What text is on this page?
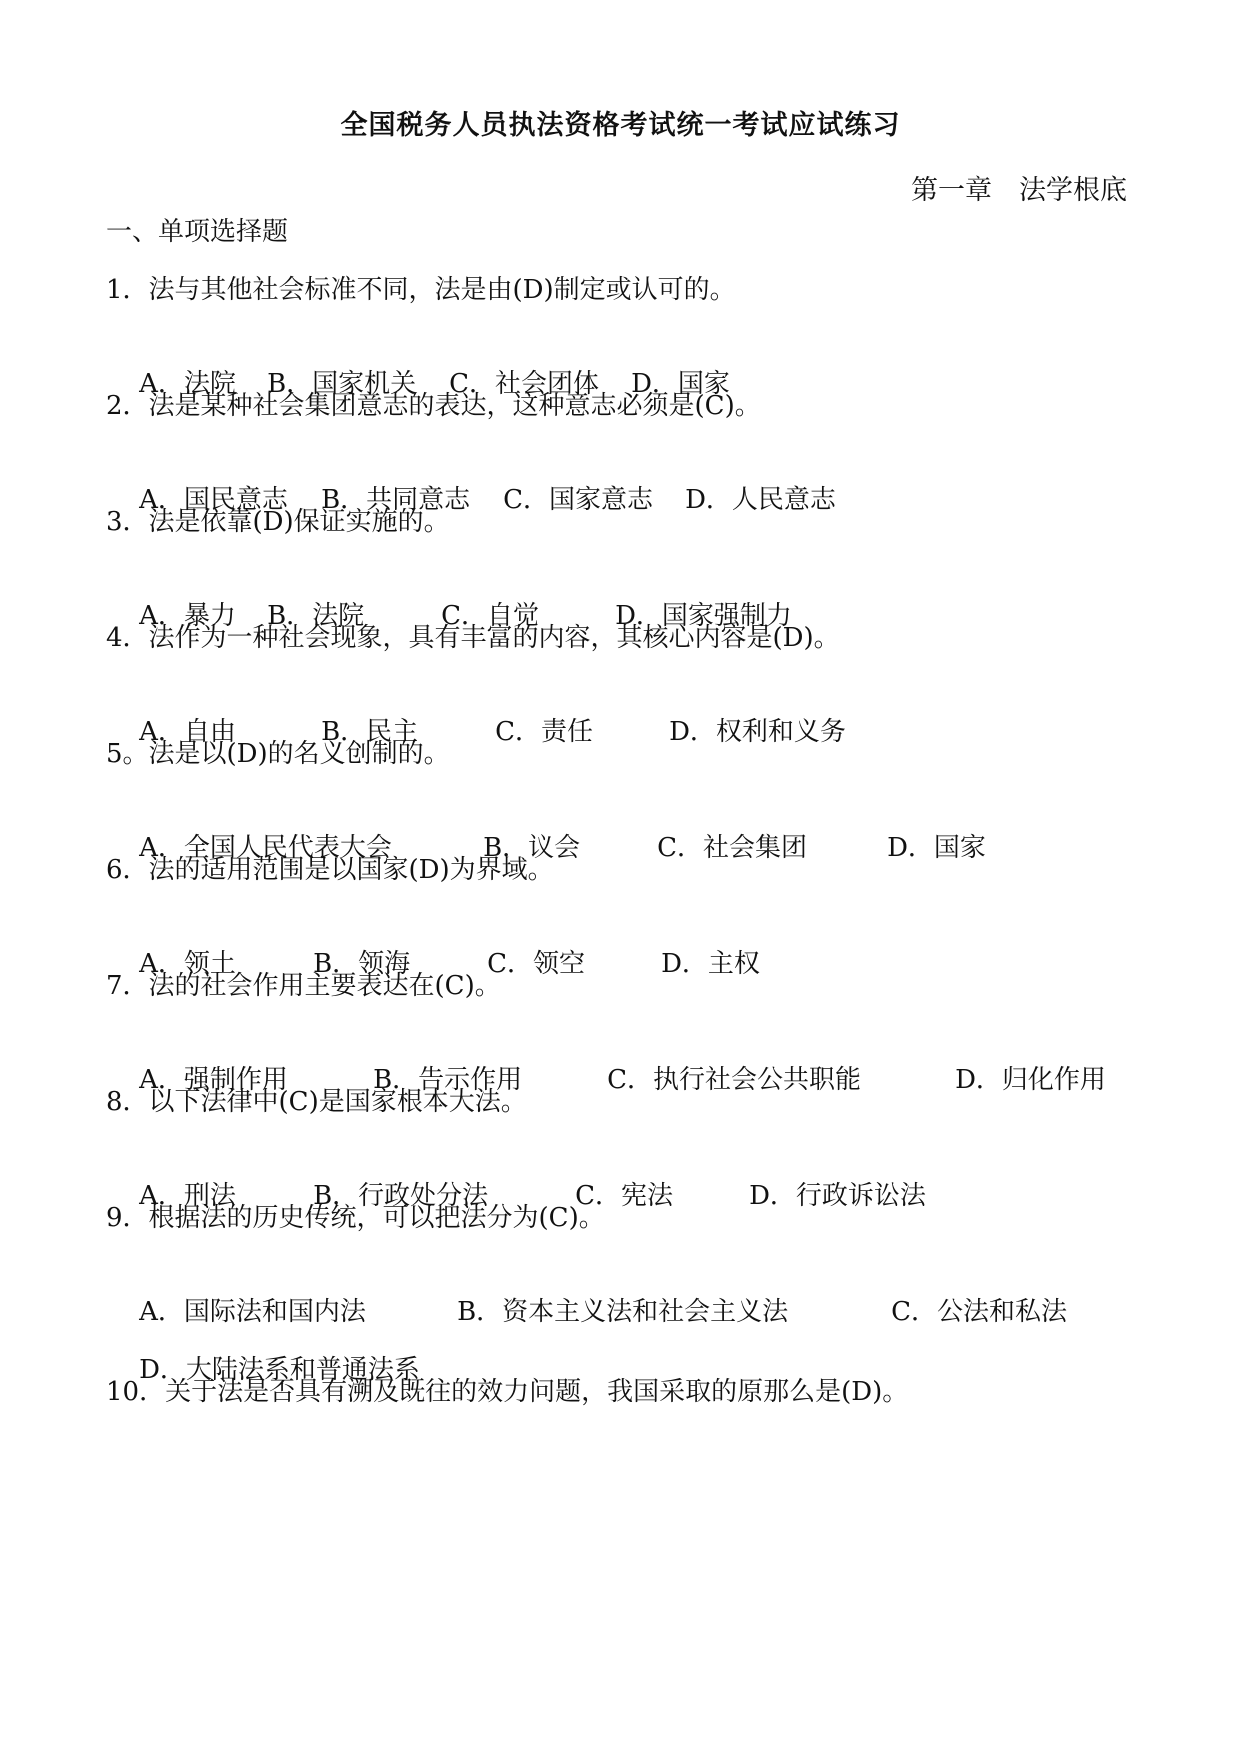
全国税务人员执法资格考试统一考试应试练习
第一章　法学根底
一、单项选择题
1．法与其他社会标准不同，法是由(D)制定或认可的。

A．法院 B．国家机关 C．社会团体 D．国家

2．法是某种社会集团意志的表达，这种意志必须是(C)。

A．国民意志 B．共同意志 C．国家意志 D．人民意志

3．法是依靠(D)保证实施的。

A．暴力 B．法院	C．自觉	D．国家强制力

4．法作为一种社会现象，具有丰富的内容，其核心内容是(D)。

A．自由	B．民主	C．责任	D．权利和义务

5。法是以(D)的名义创制的。

A．全国人民代表大会	B．议会	C．社会集团	D．国家

6．法的适用范围是以国家(D)为界域。

A．领土	B．领海	C．领空	D．主权

7．法的社会作用主要表达在(C)。

A．强制作用	B．告示作用	C．执行社会公共职能	D．归化作用

8．以下法律中(C)是国家根本大法。

A．刑法	B．行政处分法	C．宪法	D．行政诉讼法

9．根据法的历史传统，可以把法分为(C)。

A．国际法和国内法	B．资本主义法和社会主义法	C．公法和私法

D．大陆法系和普通法系

10．关于法是否具有溯及既往的效力问题，我国采取的原那么是(D)。
